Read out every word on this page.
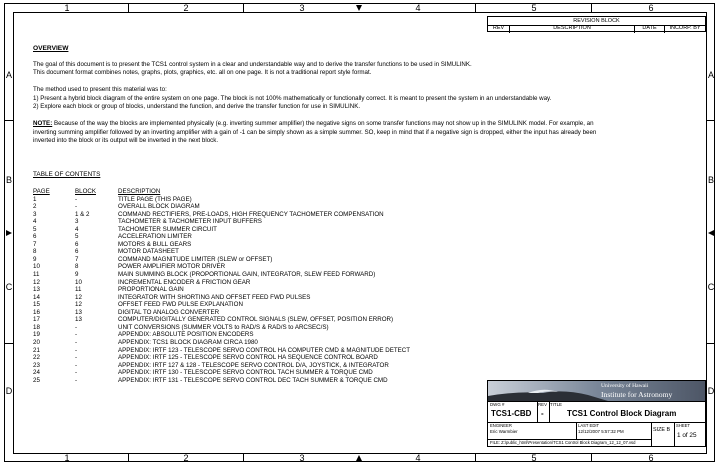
1	2	3	4	5	6
1	2	3	4	5	6
A
B
C
D
A
B
C
D
REVISION BLOCK
REV	DESCRIPTION	DATE	INCORP. BY
OVERVIEW
The goal of this document is to present the TCS1 control system in a clear and understandable way and to derive the transfer functions to be used in SIMULINK.
This document format combines notes, graphs, plots, graphics, etc. all on one page. It is not a traditional report style format.
The method used to present this material was to:
1) Present a hybrid block diagram of the entire system on one page. The block is not 100% mathematically or functionally correct. It is meant to present the system in an understandable way.
2) Explore each block or group of blocks, understand the function, and derive the transfer function for use in SIMULINK.
NOTE: Because of the way the blocks are implemented physically (e.g. inverting summer amplifier) the negative signs on some transfer functions may not show up in the SIMULINK model. For example, an
inverting summing amplifier followed by an inverting amplifier with a gain of -1 can be simply shown as a simple summer. SO, keep in mind that if a negative sign is dropped, either the input has already been
inverted into the block or its output will be inverted in the next block.
TABLE OF CONTENTS
PAGE	BLOCK	DESCRIPTION
1	-	TITLE PAGE (THIS PAGE)
2	-	OVERALL BLOCK DIAGRAM
3	1 & 2	COMMAND RECTIFIERS, PRE-LOADS, HIGH FREQUENCY TACHOMETER COMPENSATION
4	3	TACHOMETER & TACHOMETER INPUT BUFFERS
5	4	TACHOMETER SUMMER CIRCUIT
6	5	ACCELERATION LIMITER
7	6	MOTORS & BULL GEARS
8	6	MOTOR DATASHEET
9	7	COMMAND MAGNITUDE LIMITER (SLEW or OFFSET)
10	8	POWER AMPLIFIER MOTOR DRIVER
11	9	MAIN SUMMING BLOCK (PROPORTIONAL GAIN, INTEGRATOR, SLEW FEED FORWARD)
12	10	INCREMENTAL ENCODER & FRICTION GEAR
13	11	PROPORTIONAL GAIN
14	12	INTEGRATOR WITH SHORTING AND OFFSET FEED FWD PULSES
15	12	OFFSET FEED FWD PULSE EXPLANATION
16	13	DIGITAL TO ANALOG CONVERTER
17	13	COMPUTER/DIGITALLY GENERATED CONTROL SIGNALS (SLEW, OFFSET, POSITION ERROR)
18	-	UNIT CONVERSIONS (SUMMER VOLTS to RAD/S & RAD/S to ARCSEC/S)
19	-	APPENDIX: ABSOLUTE POSITION ENCODERS
20	-	APPENDIX: TCS1 BLOCK DIAGRAM CIRCA 1980
21	-	APPENDIX: IRTF 123 - TELESCOPE SERVO CONTROL HA COMPUTER CMD & MAGNITUDE DETECT
22	-	APPENDIX: IRTF 125 - TELESCOPE SERVO CONTROL HA SEQUENCE CONTROL BOARD
23	-	APPENDIX: IRTF 127 & 128 - TELESCOPE SERVO CONTROL D/A, JOYSTICK, & INTEGRATOR
24	-	APPENDIX: IRTF 130 - TELESCOPE SERVO CONTROL TACH SUMMER & TORQUE CMD
25	-	APPENDIX: IRTF 131 - TELESCOPE SERVO CONTROL DEC TACH SUMMER & TORQUE CMD
University of Hawaii
Institute for Astronomy
DWG #	REV TITLE
TCS1-CBD -	TCS1 Control Block Diagram
ENGINEER
Eric Warmbier
LAST EDIT
12/12/2007 5:57:32 PM	SIZE B
SHEET
1 of 25
FILE: Z:\public_html\Presentation\TCS1 Control Block Diagram_12_12_07.vsd
